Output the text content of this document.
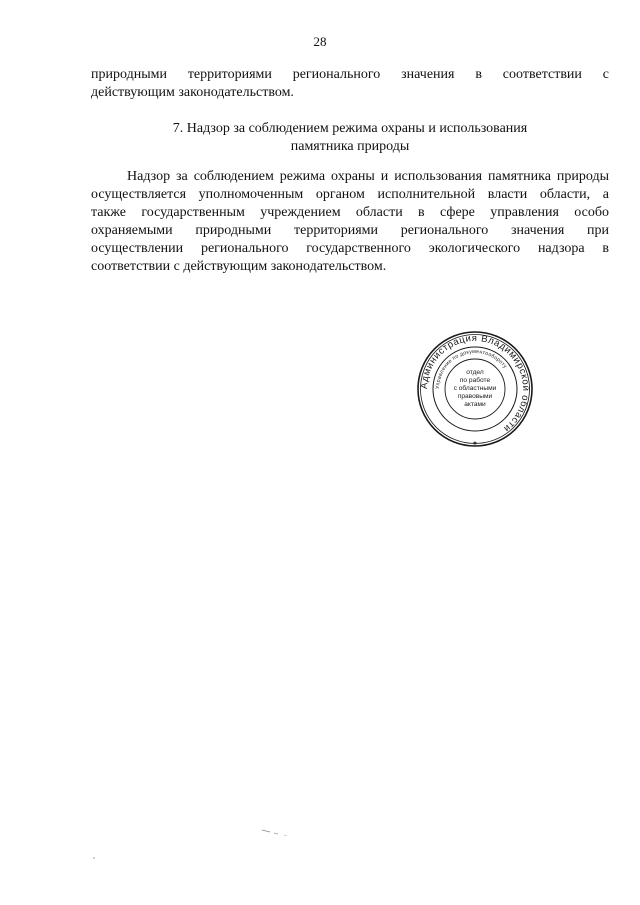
28
природными территориями регионального значения в соответствии с
действующим законодательством.
7. Надзор за соблюдением режима охраны и использования
памятника природы
Надзор за соблюдением режима охраны и использования памятника природы
осуществляется уполномоченным органом исполнительной власти области, а
также государственным учреждением области в сфере управления особо
охраняемыми природными территориями регионального значения при
осуществлении регионального государственного экологического надзора в
соответствии с действующим законодательством.
Администрация Владимирской области
Управление по документообороту
отдел
по работе
с областными
правовыми
актами
★
